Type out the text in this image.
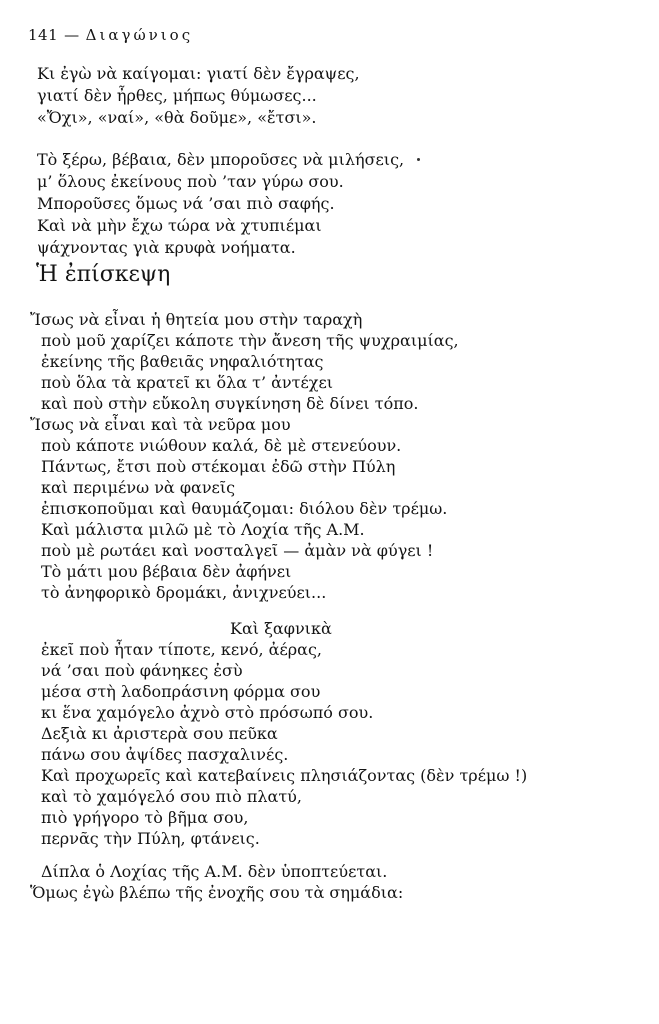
141 — Διαγώνιος
Κι ἐγὼ νὰ καίγομαι: γιατί δὲν ἔγραψες,
γιατί δὲν ἦρθες, μήπως θύμωσες...
«Ὄχι», «ναί», «θὰ δοῦμε», «ἔτσι».
Τὸ ξέρω, βέβαια, δὲν μποροῦσες νὰ μιλήσεις,
μ’ ὅλους ἐκείνους ποὺ ’ταν γύρω σου.
Μποροῦσες ὅμως νά ’σαι πιὸ σαφής.
Καὶ νὰ μὴν ἔχω τώρα νὰ χτυπιέμαι
ψάχνοντας γιὰ κρυφὰ νοήματα.
Ἡ ἐπίσκεψη
Ἴσως νὰ εἶναι ἡ θητεία μου στὴν ταραχὴ
ποὺ μοῦ χαρίζει κάποτε τὴν ἄνεση τῆς ψυχραιμίας,
ἐκείνης τῆς βαθειᾶς νηφαλιότητας
ποὺ ὅλα τὰ κρατεῖ κι ὅλα τ’ ἀντέχει
καὶ ποὺ στὴν εὔκολη συγκίνηση δὲ δίνει τόπο.
Ἴσως νὰ εἶναι καὶ τὰ νεῦρα μου
ποὺ κάποτε νιώθουν καλά, δὲ μὲ στενεύουν.
Πάντως, ἔτσι ποὺ στέκομαι ἐδῶ στὴν Πύλη
καὶ περιμένω νὰ φανεῖς
ἐπισκοποῦμαι καὶ θαυμάζομαι: διόλου δὲν τρέμω.
Καὶ μάλιστα μιλῶ μὲ τὸ Λοχία τῆς Α.Μ.
ποὺ μὲ ρωτάει καὶ νοσταλγεῖ — ἀμὰν νὰ φύγει !
Τὸ μάτι μου βέβαια δὲν ἀφήνει
τὸ ἀνηφορικὸ δρομάκι, ἀνιχνεύει...
Καὶ ξαφνικὰ
ἐκεῖ ποὺ ἦταν τίποτε, κενό, ἀέρας,
νά ’σαι ποὺ φάνηκες ἐσὺ
μέσα στὴ λαδοπράσινη φόρμα σου
κι ἕνα χαμόγελο ἀχνὸ στὸ πρόσωπό σου.
Δεξιὰ κι ἀριστερὰ σου πεῦκα
πάνω σου ἀψίδες πασχαλινές.
Καὶ προχωρεῖς καὶ κατεβαίνεις πλησιάζοντας (δὲν τρέμω !)
καὶ τὸ χαμόγελό σου πιὸ πλατύ,
πιὸ γρήγορο τὸ βῆμα σου,
περνᾶς τὴν Πύλη, φτάνεις.
Δίπλα ὁ Λοχίας τῆς Α.Μ. δὲν ὑποπτεύεται.
Ὅμως ἐγὼ βλέπω τῆς ἐνοχῆς σου τὰ σημάδια:
